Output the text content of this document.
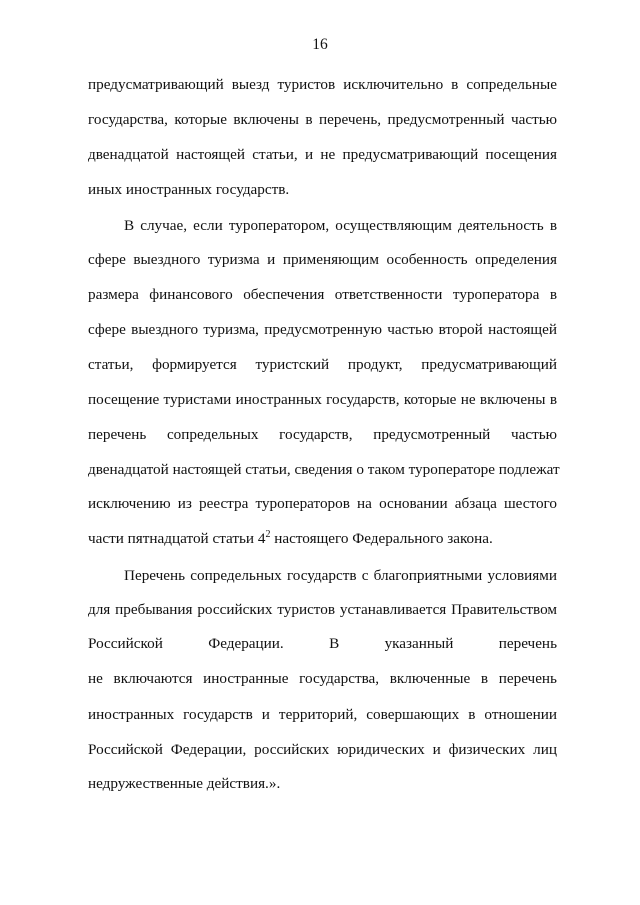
16
предусматривающий выезд туристов исключительно в сопредельные
государства, которые включены в перечень, предусмотренный частью
двенадцатой настоящей статьи, и не предусматривающий посещения
иных иностранных государств.
В случае, если туроператором, осуществляющим деятельность в
сфере выездного туризма и применяющим особенность определения
размера финансового обеспечения ответственности туроператора в
сфере выездного туризма, предусмотренную частью второй настоящей
статьи, формируется туристский продукт, предусматривающий
посещение туристами иностранных государств, которые не включены в
перечень сопредельных государств, предусмотренный частью
двенадцатой настоящей статьи, сведения о таком туроператоре подлежат
исключению из реестра туроператоров на основании абзаца шестого
части пятнадцатой статьи $4^2$ настоящего Федерального закона.
Перечень сопредельных государств с благоприятными условиями
для пребывания российских туристов устанавливается Правительством
Российской Федерации. В указанный перечень
не включаются иностранные государства, включенные в перечень
иностранных государств и территорий, совершающих в отношении
Российской Федерации, российских юридических и физических лиц
недружественные действия.».
